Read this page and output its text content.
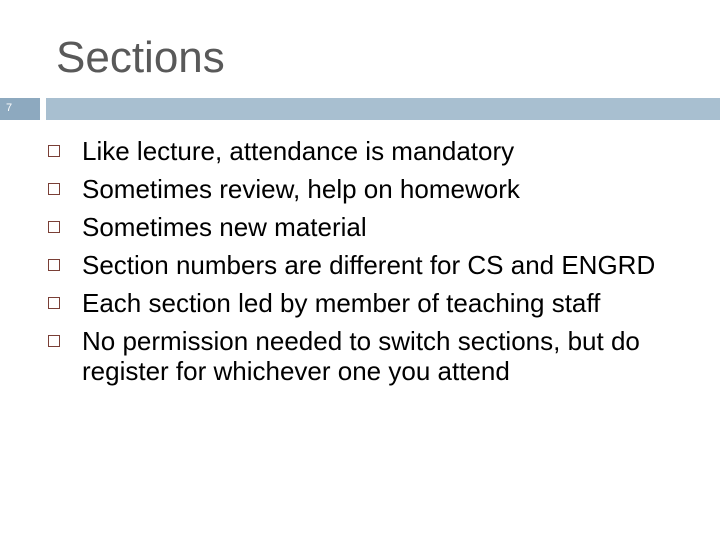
Sections
7
Like lecture, attendance is mandatory
Sometimes review, help on homework
Sometimes new material
Section numbers are different for CS and ENGRD
Each section led by member of teaching staff
No permission needed to switch sections, but do register for whichever one you attend
